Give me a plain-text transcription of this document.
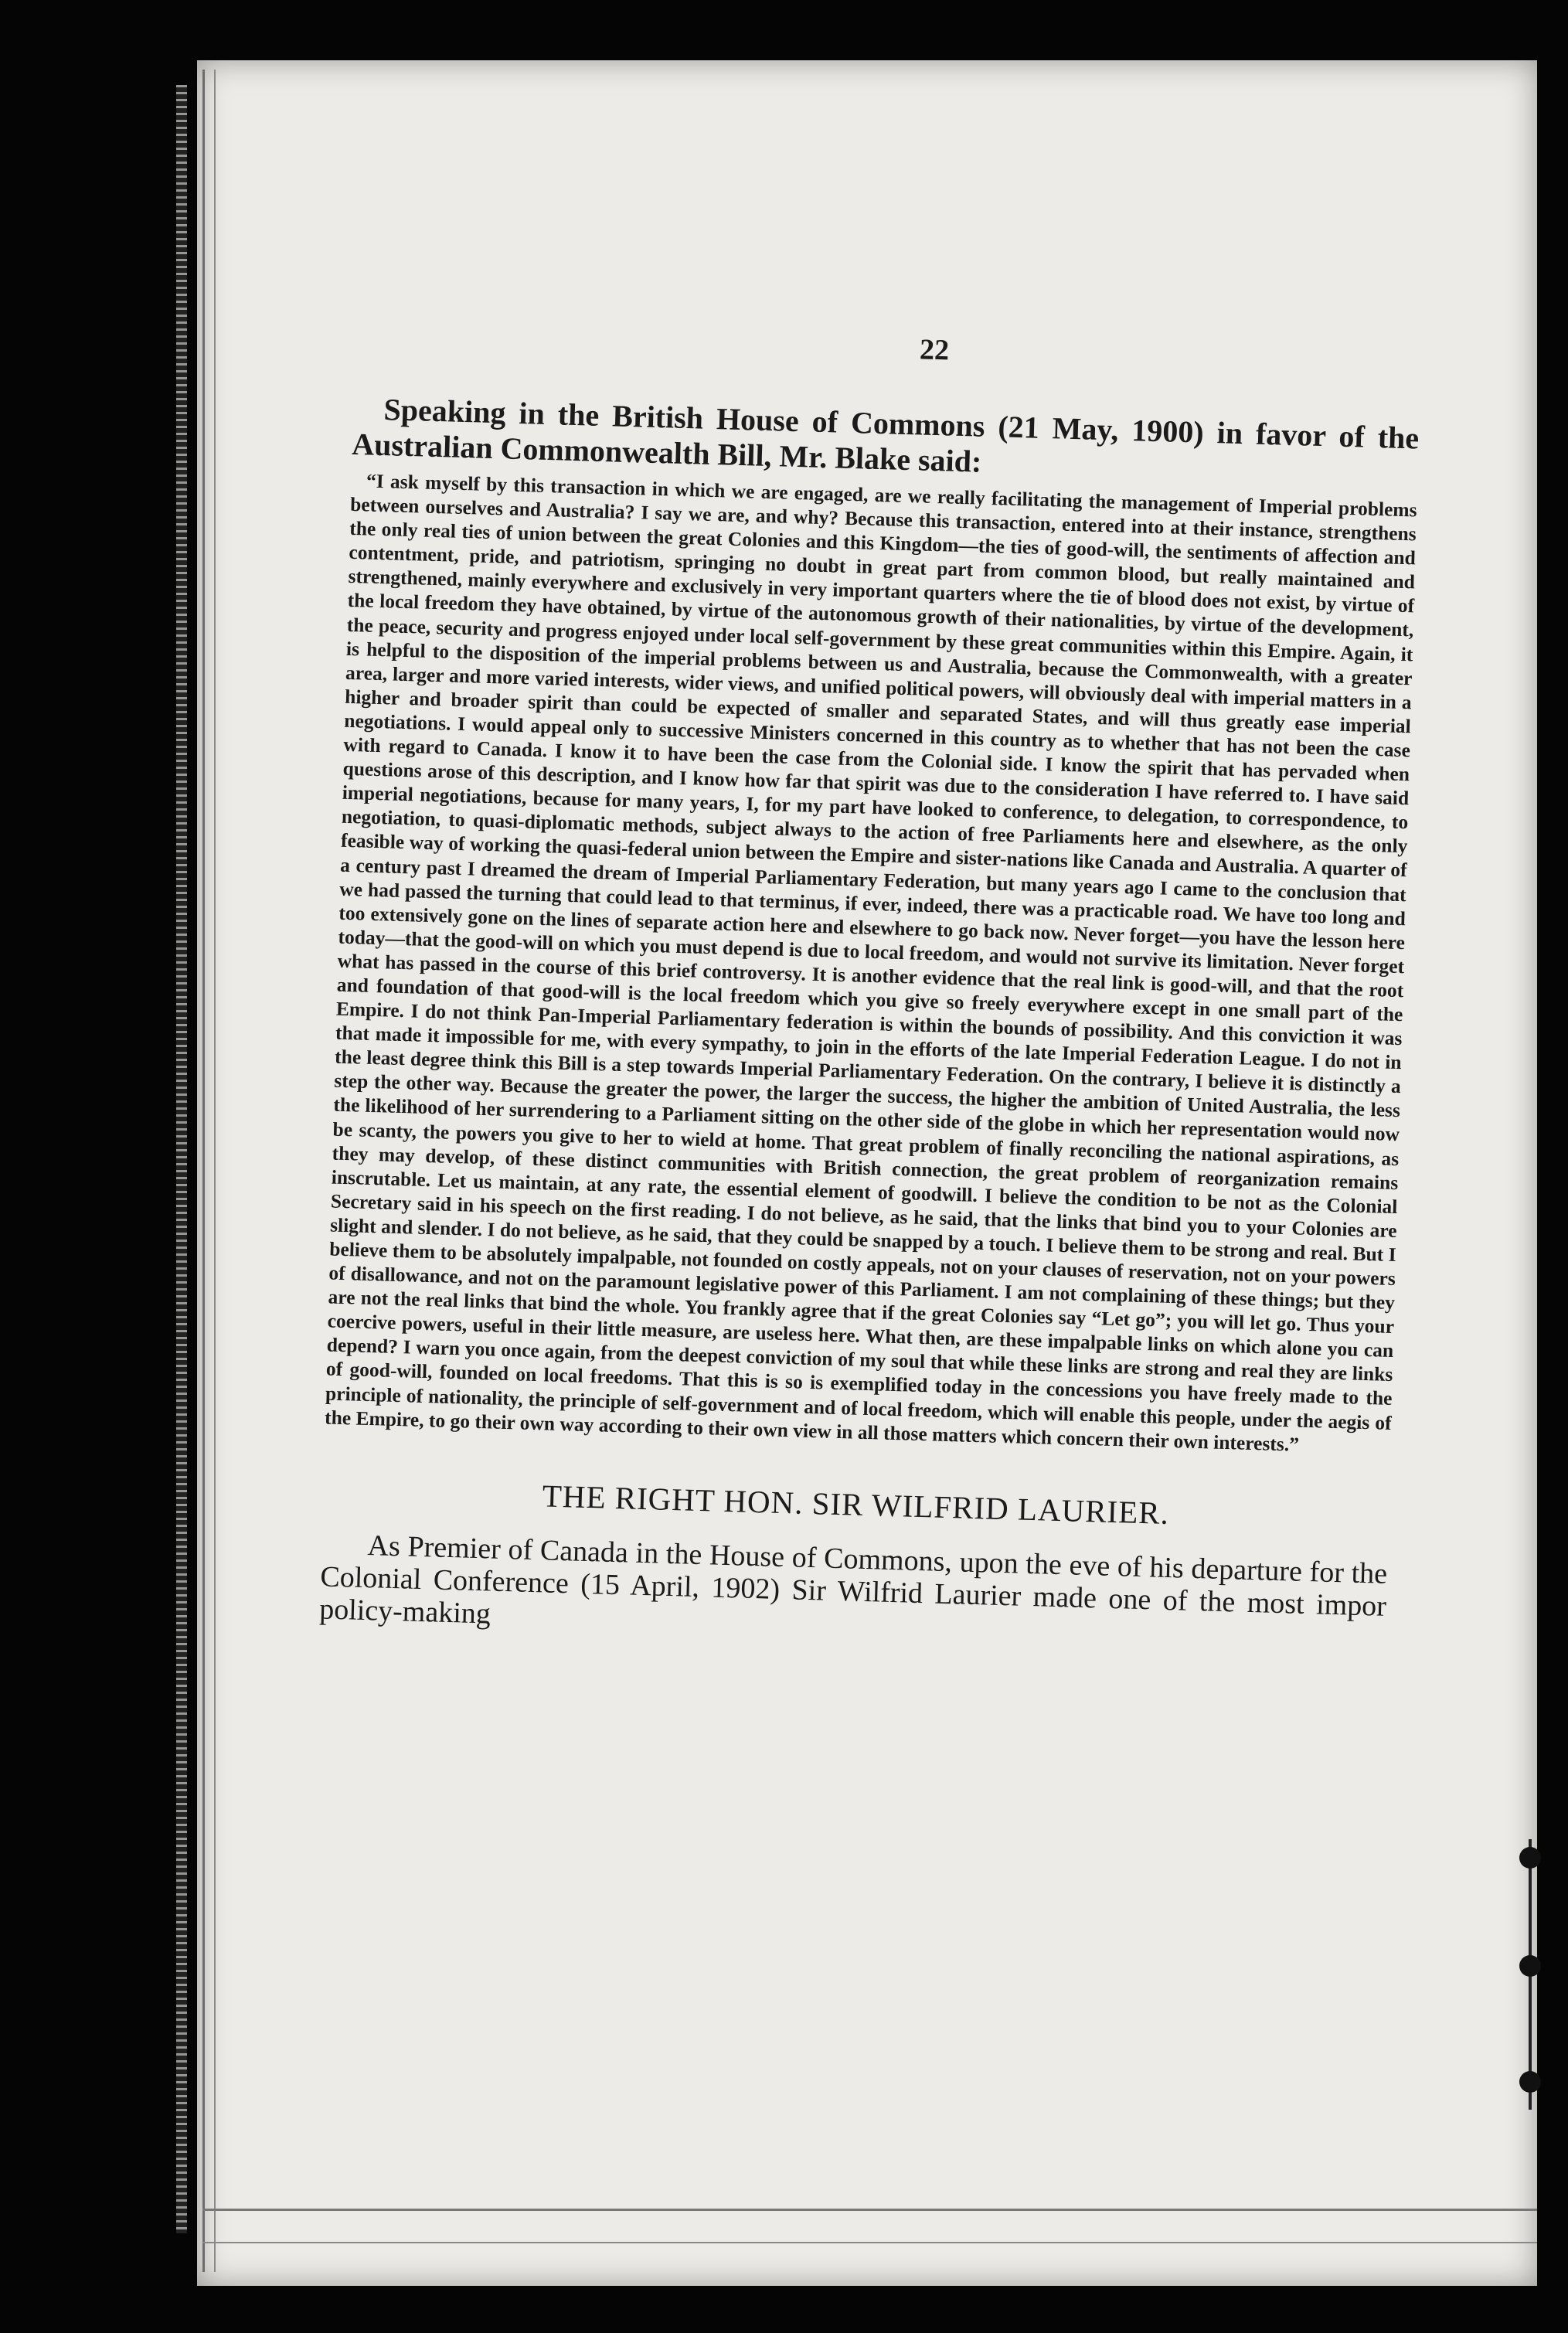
22

Speaking in the British House of Commons (21 May, 1900) in favor of the Australian Commonwealth Bill, Mr. Blake said:

“I ask myself by this transaction in which we are engaged, are we really facilitating the management of Imperial problems between ourselves and Australia? I say we are, and why? Because this transaction, entered into at their instance, strengthens the only real ties of union between the great Colonies and this Kingdom—the ties of good-will, the sentiments of affection and contentment, pride, and patriotism, springing no doubt in great part from common blood, but really maintained and strengthened, mainly everywhere and exclusively in very important quarters where the tie of blood does not exist, by virtue of the local freedom they have obtained, by virtue of the autonomous growth of their nationalities, by virtue of the development, the peace, security and progress enjoyed under local self-government by these great communities within this Empire. Again, it is helpful to the disposition of the imperial problems between us and Australia, because the Commonwealth, with a greater area, larger and more varied interests, wider views, and unified political powers, will obviously deal with imperial matters in a higher and broader spirit than could be expected of smaller and separated States, and will thus greatly ease imperial negotiations. I would appeal only to successive Ministers concerned in this country as to whether that has not been the case with regard to Canada. I know it to have been the case from the Colonial side. I know the spirit that has pervaded when questions arose of this description, and I know how far that spirit was due to the consideration I have referred to. I have said imperial negotiations, because for many years, I, for my part have looked to conference, to delegation, to correspondence, to negotiation, to quasi-diplomatic methods, subject always to the action of free Parliaments here and elsewhere, as the only feasible way of working the quasi-federal union between the Empire and sister-nations like Canada and Australia. A quarter of a century past I dreamed the dream of Imperial Parliamentary Federation, but many years ago I came to the conclusion that we had passed the turning that could lead to that terminus, if ever, indeed, there was a practicable road. We have too long and too extensively gone on the lines of separate action here and elsewhere to go back now. Never forget—you have the lesson here today—that the good-will on which you must depend is due to local freedom, and would not survive its limitation. Never forget what has passed in the course of this brief controversy. It is another evidence that the real link is good-will, and that the root and foundation of that good-will is the local freedom which you give so freely everywhere except in one small part of the Empire. I do not think Pan-Imperial Parliamentary federation is within the bounds of possibility. And this conviction it was that made it impossible for me, with every sympathy, to join in the efforts of the late Imperial Federation League. I do not in the least degree think this Bill is a step towards Imperial Parliamentary Federation. On the contrary, I believe it is distinctly a step the other way. Because the greater the power, the larger the success, the higher the ambition of United Australia, the less the likelihood of her surrendering to a Parliament sitting on the other side of the globe in which her representation would now be scanty, the powers you give to her to wield at home. That great problem of finally reconciling the national aspirations, as they may develop, of these distinct communities with British connection, the great problem of reorganization remains inscrutable. Let us maintain, at any rate, the essential element of goodwill. I believe the condition to be not as the Colonial Secretary said in his speech on the first reading. I do not believe, as he said, that the links that bind you to your Colonies are slight and slender. I do not believe, as he said, that they could be snapped by a touch. I believe them to be strong and real. But I believe them to be absolutely impalpable, not founded on costly appeals, not on your clauses of reservation, not on your powers of disallowance, and not on the paramount legislative power of this Parliament. I am not complaining of these things; but they are not the real links that bind the whole. You frankly agree that if the great Colonies say “Let go”; you will let go. Thus your coercive powers, useful in their little measure, are useless here. What then, are these impalpable links on which alone you can depend? I warn you once again, from the deepest conviction of my soul that while these links are strong and real they are links of good-will, founded on local freedoms. That this is so is exemplified today in the concessions you have freely made to the principle of nationality, the principle of self-government and of local freedom, which will enable this people, under the aegis of the Empire, to go their own way according to their own view in all those matters which concern their own interests.”

THE RIGHT HON. SIR WILFRID LAURIER.

As Premier of Canada in the House of Commons, upon the eve of his departure for the Colonial Conference (15 April, 1902) Sir Wilfrid Laurier made one of the most impor policy-making
